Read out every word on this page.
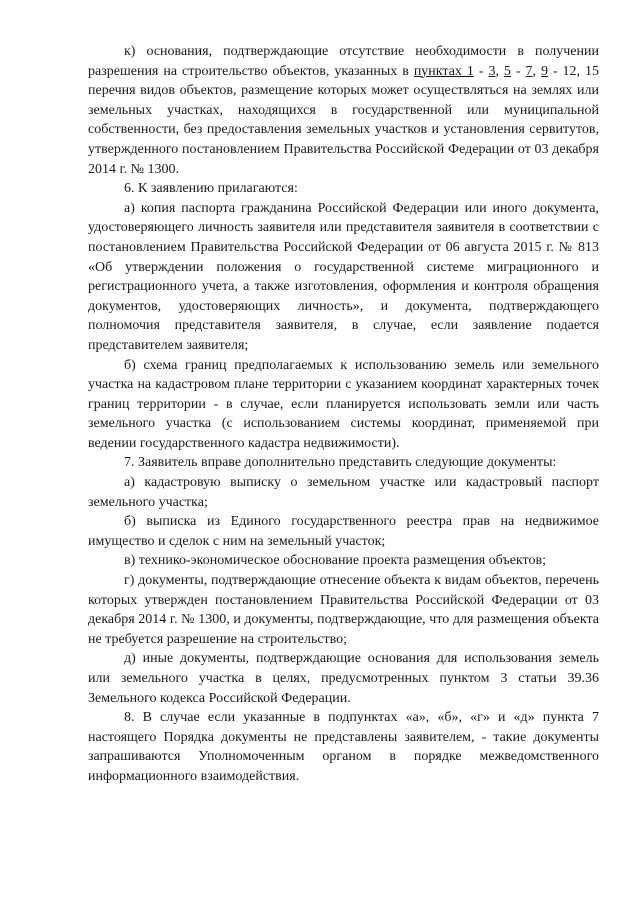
к) основания, подтверждающие отсутствие необходимости в получении разрешения на строительство объектов, указанных в пунктах 1 - 3, 5 - 7, 9 - 12, 15 перечня видов объектов, размещение которых может осуществляться на землях или земельных участках, находящихся в государственной или муниципальной собственности, без предоставления земельных участков и установления сервитутов, утвержденного постановлением Правительства Российской Федерации от 03 декабря 2014 г. № 1300.

6. К заявлению прилагаются:

а) копия паспорта гражданина Российской Федерации или иного документа, удостоверяющего личность заявителя или представителя заявителя в соответствии с постановлением Правительства Российской Федерации от 06 августа 2015 г. № 813 «Об утверждении положения о государственной системе миграционного и регистрационного учета, а также изготовления, оформления и контроля обращения документов, удостоверяющих личность», и документа, подтверждающего полномочия представителя заявителя, в случае, если заявление подается представителем заявителя;

б) схема границ предполагаемых к использованию земель или земельного участка на кадастровом плане территории с указанием координат характерных точек границ территории - в случае, если планируется использовать земли или часть земельного участка (с использованием системы координат, применяемой при ведении государственного кадастра недвижимости).

7. Заявитель вправе дополнительно представить следующие документы:

а) кадастровую выписку о земельном участке или кадастровый паспорт земельного участка;

б) выписка из Единого государственного реестра прав на недвижимое имущество и сделок с ним на земельный участок;

в) технико-экономическое обоснование проекта размещения объектов;

г) документы, подтверждающие отнесение объекта к видам объектов, перечень которых утвержден постановлением Правительства Российской Федерации от 03 декабря 2014 г. № 1300, и документы, подтверждающие, что для размещения объекта не требуется разрешение на строительство;

д) иные документы, подтверждающие основания для использования земель или земельного участка в целях, предусмотренных пунктом 3 статьи 39.36 Земельного кодекса Российской Федерации.

8. В случае если указанные в подпунктах «а», «б», «г» и «д» пункта 7 настоящего Порядка документы не представлены заявителем, - такие документы запрашиваются Уполномоченным органом в порядке межведомственного информационного взаимодействия.
